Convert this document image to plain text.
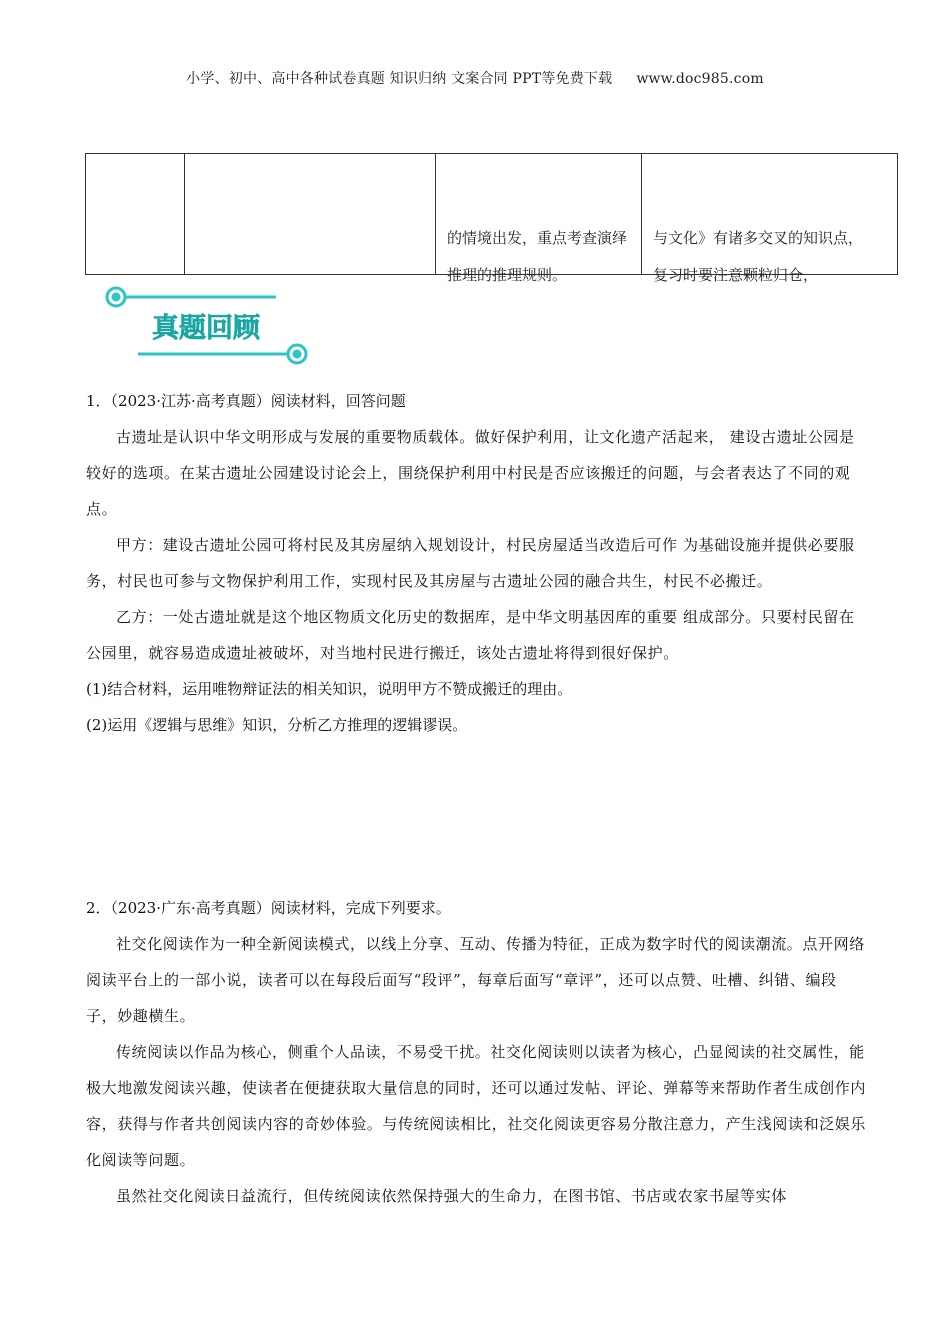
小学、初中、高中各种试卷真题 知识归纳 文案合同 PPT等免费下载 www.doc985.com

的情境出发，重点考查演绎推理的推理规则。

与文化》有诸多交叉的知识点，复习时要注意颗粒归仓，
真题回顾

1．（2023·江苏·高考真题）阅读材料，回答问题

古遗址是认识中华文明形成与发展的重要物质载体。做好保护利用，让文化遗产活起来， 建设古遗址公园是较好的选项。在某古遗址公园建设讨论会上，围绕保护利用中村民是否应该搬迁的问题，与会者表达了不同的观点。

甲方：建设古遗址公园可将村民及其房屋纳入规划设计，村民房屋适当改造后可作 为基础设施并提供必要服务，村民也可参与文物保护利用工作，实现村民及其房屋与古遗址公园的融合共生，村民不必搬迁。

乙方：一处古遗址就是这个地区物质文化历史的数据库，是中华文明基因库的重要 组成部分。只要村民留在公园里，就容易造成遗址被破坏，对当地村民进行搬迁，该处古遗址将得到很好保护。

(1)结合材料，运用唯物辩证法的相关知识，说明甲方不赞成搬迁的理由。

(2)运用《逻辑与思维》知识，分析乙方推理的逻辑谬误。

2．（2023·广东·高考真题）阅读材料，完成下列要求。

社交化阅读作为一种全新阅读模式，以线上分享、互动、传播为特征，正成为数字时代的阅读潮流。点开网络阅读平台上的一部小说，读者可以在每段后面写“段评”，每章后面写“章评”，还可以点赞、吐槽、纠错、编段子，妙趣横生。

传统阅读以作品为核心，侧重个人品读，不易受干扰。社交化阅读则以读者为核心，凸显阅读的社交属性，能极大地激发阅读兴趣，使读者在便捷获取大量信息的同时，还可以通过发帖、评论、弹幕等来帮助作者生成创作内容，获得与作者共创阅读内容的奇妙体验。与传统阅读相比，社交化阅读更容易分散注意力，产生浅阅读和泛娱乐化阅读等问题。

虽然社交化阅读日益流行，但传统阅读依然保持强大的生命力，在图书馆、书店或农家书屋等实体
